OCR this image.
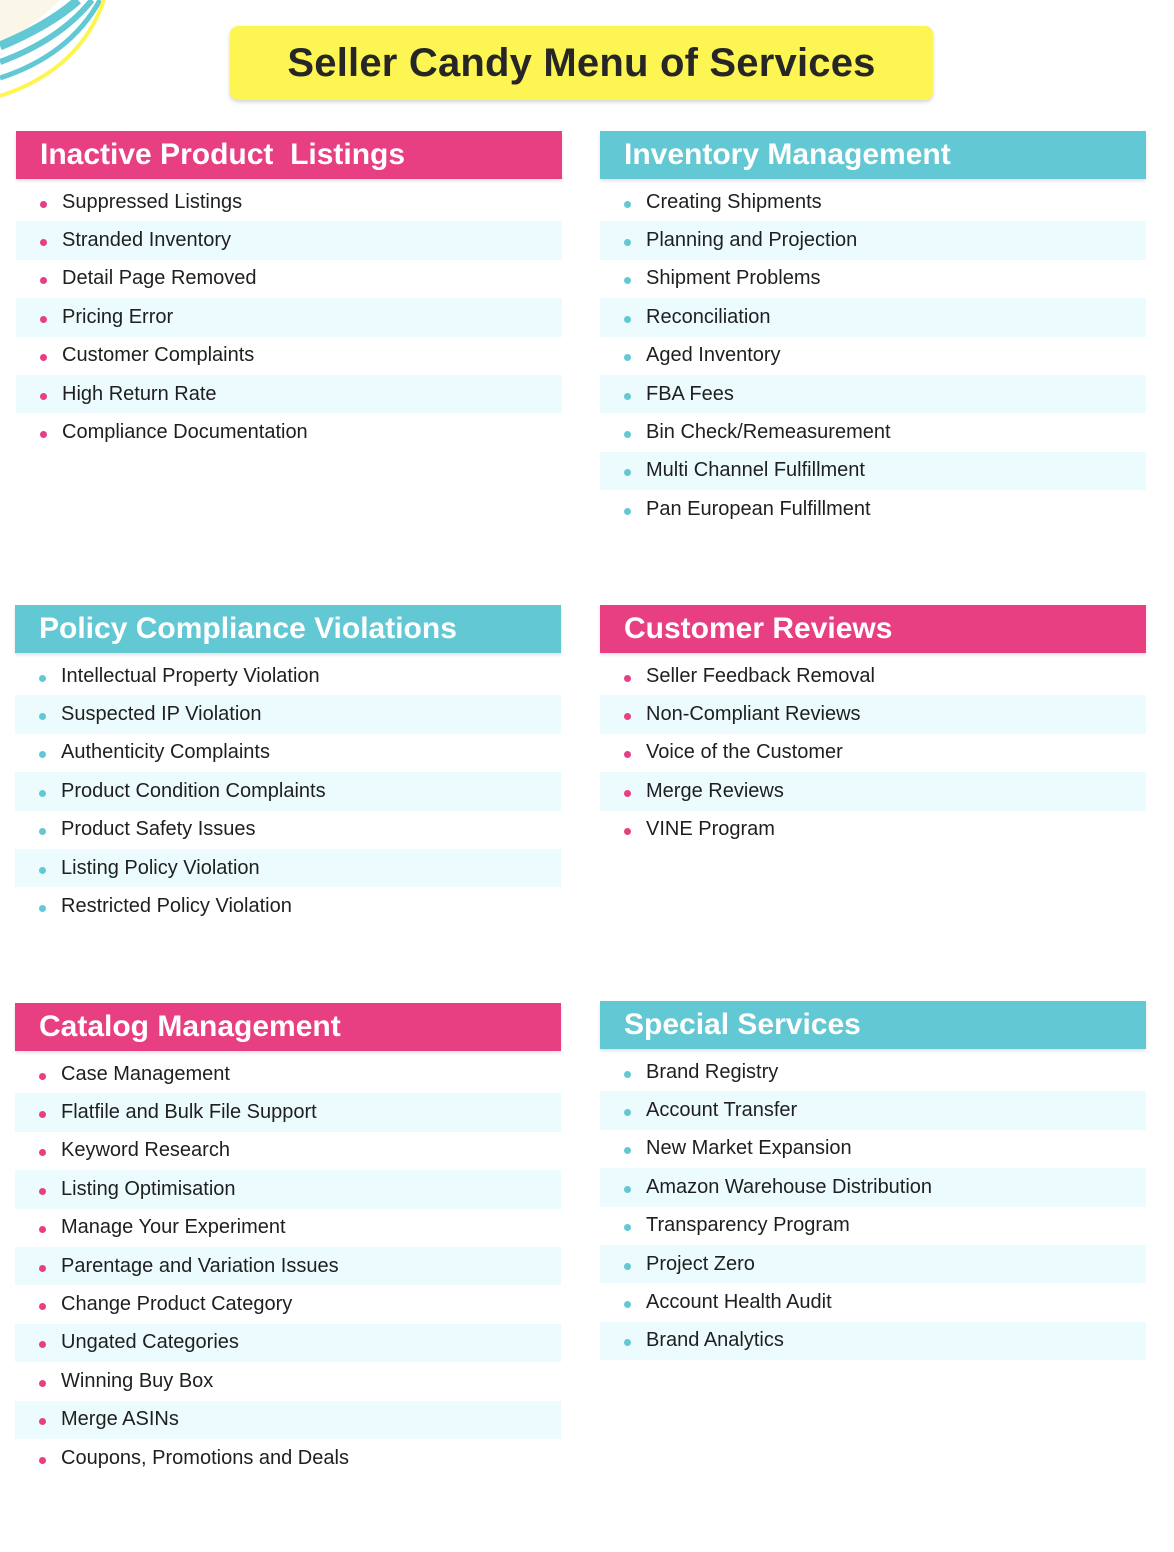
Seller Candy Menu of Services
Inactive Product  Listings
Suppressed Listings
Stranded Inventory
Detail Page Removed
Pricing Error
Customer Complaints
High Return Rate
Compliance Documentation
Inventory Management
Creating Shipments
Planning and Projection
Shipment Problems
Reconciliation
Aged Inventory
FBA Fees
Bin Check/Remeasurement
Multi Channel Fulfillment
Pan European Fulfillment
Policy Compliance Violations
Intellectual Property Violation
Suspected IP Violation
Authenticity Complaints
Product Condition Complaints
Product Safety Issues
Listing Policy Violation
Restricted Policy Violation
Customer Reviews
Seller Feedback Removal
Non-Compliant Reviews
Voice of the Customer
Merge Reviews
VINE Program
Catalog Management
Case Management
Flatfile and Bulk File Support
Keyword Research
Listing Optimisation
Manage Your Experiment
Parentage and Variation Issues
Change Product Category
Ungated Categories
Winning Buy Box
Merge ASINs
Coupons, Promotions and Deals
Special Services
Brand Registry
Account Transfer
New Market Expansion
Amazon Warehouse Distribution
Transparency Program
Project Zero
Account Health Audit
Brand Analytics
